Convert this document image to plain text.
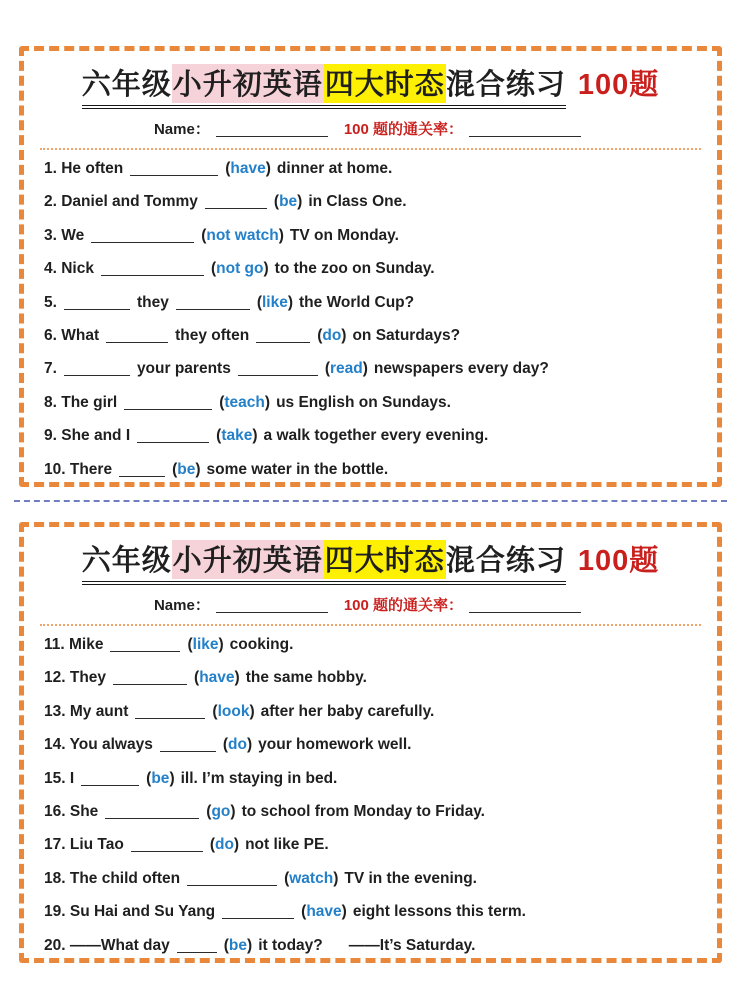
六年级小升初英语四大时态混合练习 100题
Name：	100 题的通关率：
1. He often	(have) dinner at home.
2. Daniel and Tommy	(be) in Class One.
3. We	(not watch) TV on Monday.
4. Nick	(not go) to the zoo on Sunday.
5.	they	(like) the World Cup?
6. What	they often	(do) on Saturdays?
7.	your parents	(read) newspapers every day?
8. The girl	(teach) us English on Sundays.
9. She and I	(take) a walk together every evening.
10. There	(be) some water in the bottle.
六年级小升初英语四大时态混合练习 100题
Name：	100 题的通关率：
11. Mike	(like) cooking.
12. They	(have) the same hobby.
13. My aunt	(look) after her baby carefully.
14. You always	(do) your homework well.
15. I	(be) ill. I’m staying in bed.
16. She	(go) to school from Monday to Friday.
17. Liu Tao	(do) not like PE.
18. The child often	(watch) TV in the evening.
19. Su Hai and Su Yang	(have) eight lessons this term.
20. ——What day	(be) it today? ——It’s Saturday.
